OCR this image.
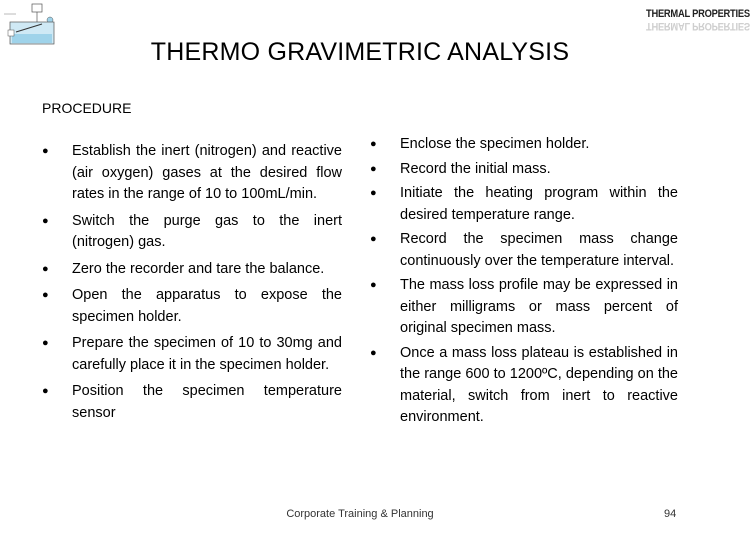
THERMAL PROPERTIES
THERMAL PROPERTIES
THERMO GRAVIMETRIC ANALYSIS
PROCEDURE
● Establish the inert (nitrogen) and reactive (air oxygen) gases at the desired flow rates in the range of 10 to 100mL/min.
● Switch the purge gas to the inert (nitrogen) gas.
● Zero the recorder and tare the balance.
● Open the apparatus to expose the specimen holder.
● Prepare the specimen of 10 to 30mg and carefully place it in the specimen holder.
● Position the specimen temperature sensor
● Enclose the specimen holder.
● Record the initial mass.
● Initiate the heating program within the desired temperature range.
● Record the specimen mass change continuously over the temperature interval.
● The mass loss profile may be expressed in either milligrams or mass percent of original specimen mass.
● Once a mass loss plateau is established in the range 600 to 1200ºC, depending on the material, switch from inert to reactive environment.
Corporate Training & Planning	94
